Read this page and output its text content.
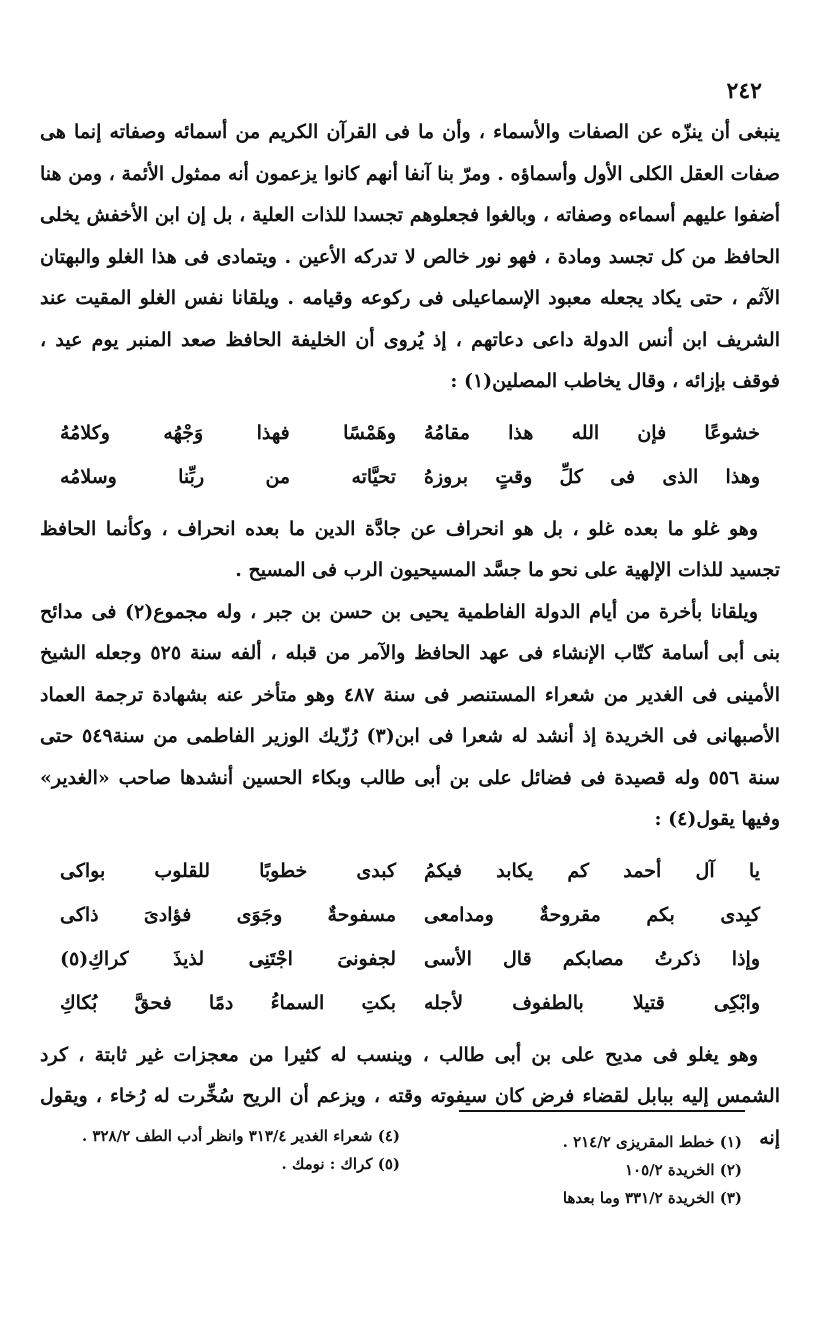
٢٤٢

ينبغى أن ينزّه عن الصفات والأسماء ، وأن ما فى القرآن الكريم من أسمائه وصفاته إنما هى صفات العقل الكلى الأول وأسماؤه . ومرّ بنا آنفا أنهم كانوا يزعمون أنه ممثول الأئمة ، ومن هنا أضفوا عليهم أسماءه وصفاته ، وبالغوا فجعلوهم تجسدا للذات العلية ، بل إن ابن الأخفش يخلى الحافظ من كل تجسد ومادة ، فهو نور خالص لا تدركه الأعين . ويتمادى فى هذا الغلو والبهتان الآثم ، حتى يكاد يجعله معبود الإسماعيلى فى ركوعه وقيامه . ويلقانا نفس الغلو المقيت عند الشريف ابن أنس الدولة داعى دعاتهم ، إذ يُروى أن الخليفة الحافظ صعد المنبر يوم عيد ، فوقف بإزائه ، وقال يخاطب المصلين(١) :

خشوعًا فإن الله هذا مقامُهُ
وهَمْسًا فهذا وَجْهُه وكلامُهُ
وهذا الذى فى كلِّ وقتٍ بروزهُ
تحيَّاته من ربِّنا وسلامُه

وهو غلو ما بعده غلو ، بل هو انحراف عن جادَّة الدين ما بعده انحراف ، وكأنما الحافظ تجسيد للذات الإلهية على نحو ما جسَّد المسيحيون الرب فى المسيح .

ويلقانا بأخرة من أيام الدولة الفاطمية يحيى بن حسن بن جبر ، وله مجموع(٢) فى مدائح بنى أبى أسامة كتّاب الإنشاء فى عهد الحافظ والآمر من قبله ، ألفه سنة ٥٢٥ وجعله الشيخ الأمينى فى الغدير من شعراء المستنصر فى سنة ٤٨٧ وهو متأخر عنه بشهادة ترجمة العماد الأصبهانى فى الخريدة إذ أنشد له شعرا فى ابن(٣) رُزّيك الوزير الفاطمى من سنة٥٤٩ حتى سنة ٥٥٦ وله قصيدة فى فضائل على بن أبى طالب وبكاء الحسين أنشدها صاحب «الغدير» وفيها يقول(٤) :

يا آل أحمد كم يكابد فيكمُ
كبدى خطوبًا للقلوب بواكى
كبِدى بكم مقروحةٌ ومدامعى
مسفوحةٌ وجَوَى فؤادىَ ذاكى
وإذا ذكرتُ مصابكم قال الأسى
لجفونىَ اجْتَنِى لذيذَ كراكِ(٥)
وابْكِى قتيلا بالطفوف لأجله
بكتِ السماءُ دمًا فحقَّ بُكاكِ

وهو يغلو فى مديح على بن أبى طالب ، وينسب له كثيرا من معجزات غير ثابتة ، كرد الشمس إليه ببابل لقضاء فرض كان سيفوته وقته ، ويزعم أن الريح سُخِّرت له رُخاء ، ويقول إنه

(١) خطط المقريزى ٢١٤/٢ .
(٢) الخريدة ١٠٥/٢
(٣) الخريدة ٣٣١/٢ وما بعدها
(٤) شعراء الغدير ٣١٣/٤ وانظر أدب الطف ٣٢٨/٢ .
(٥) كراك : نومك .
